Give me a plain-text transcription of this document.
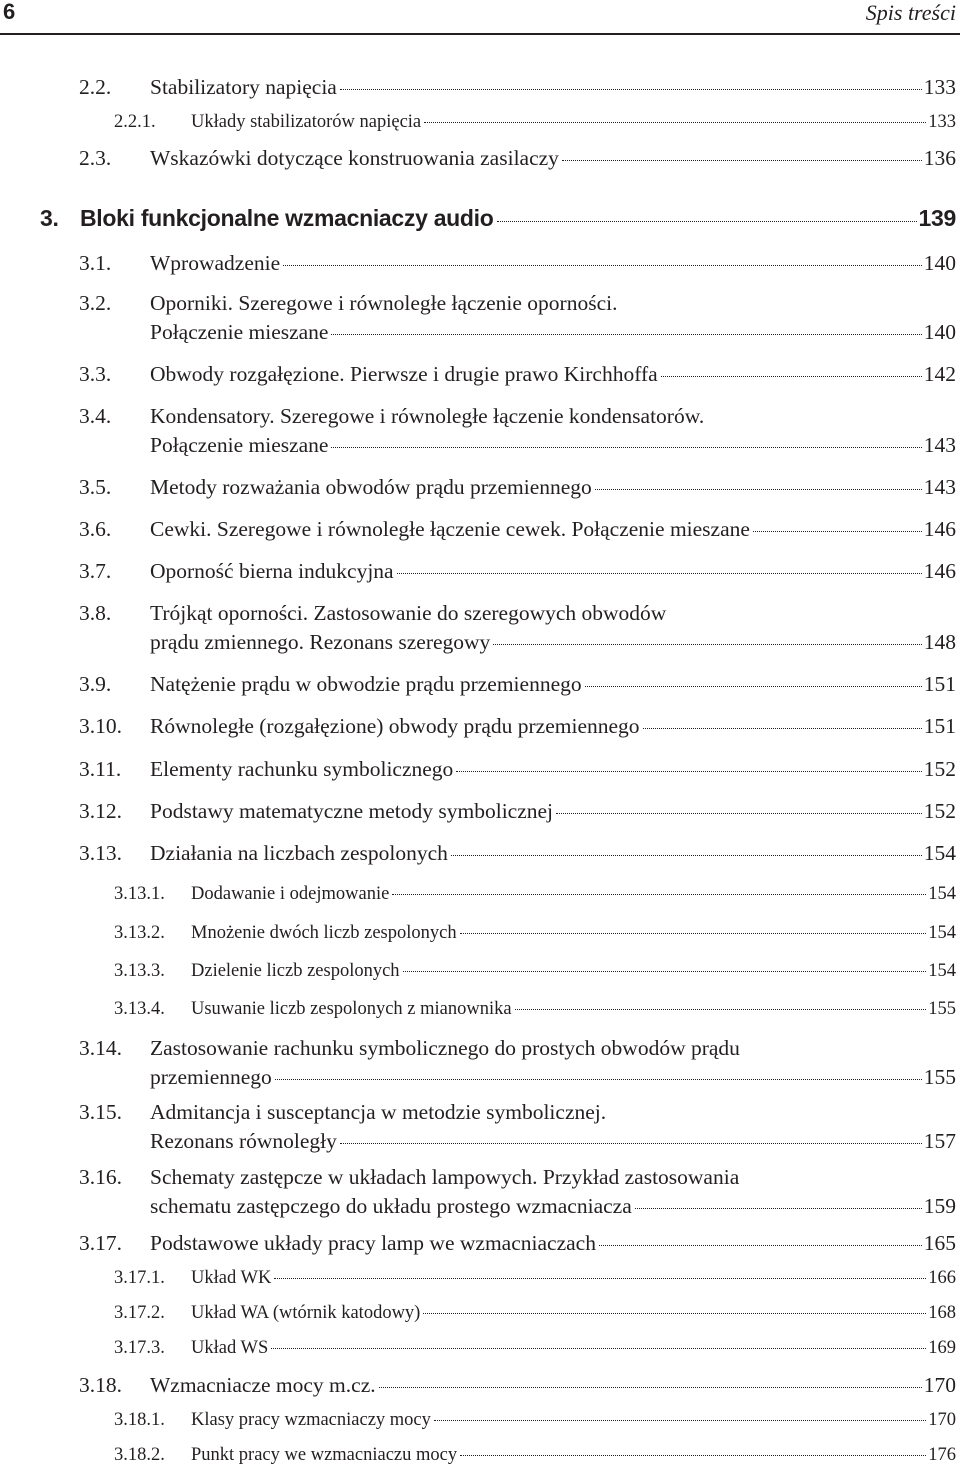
6	Spis treści
2.2. Stabilizatory napięcia	133
2.2.1. Układy stabilizatorów napięcia	133
2.3. Wskazówki dotyczące konstruowania zasilaczy	136
3. Bloki funkcjonalne wzmacniaczy audio	139
3.1. Wprowadzenie	140
3.2. Oporniki. Szeregowe i równoległe łączenie oporności.
Połączenie mieszane	140
3.3. Obwody rozgałęzione. Pierwsze i drugie prawo Kirchhoffa	142
3.4. Kondensatory. Szeregowe i równoległe łączenie kondensatorów.
Połączenie mieszane	143
3.5. Metody rozważania obwodów prądu przemiennego	143
3.6. Cewki. Szeregowe i równoległe łączenie cewek. Połączenie mieszane	146
3.7. Oporność bierna indukcyjna	146
3.8. Trójkąt oporności. Zastosowanie do szeregowych obwodów
prądu zmiennego. Rezonans szeregowy	148
3.9. Natężenie prądu w obwodzie prądu przemiennego	151
3.10. Równoległe (rozgałęzione) obwody prądu przemiennego	151
3.11. Elementy rachunku symbolicznego	152
3.12. Podstawy matematyczne metody symbolicznej	152
3.13. Działania na liczbach zespolonych	154
3.13.1. Dodawanie i odejmowanie	154
3.13.2. Mnożenie dwóch liczb zespolonych	154
3.13.3. Dzielenie liczb zespolonych	154
3.13.4. Usuwanie liczb zespolonych z mianownika	155
3.14. Zastosowanie rachunku symbolicznego do prostych obwodów prądu
przemiennego	155
3.15. Admitancja i susceptancja w metodzie symbolicznej.
Rezonans równoległy	157
3.16. Schematy zastępcze w układach lampowych. Przykład zastosowania
schematu zastępczego do układu prostego wzmacniacza	159
3.17. Podstawowe układy pracy lamp we wzmacniaczach	165
3.17.1. Układ WK	166
3.17.2. Układ WA (wtórnik katodowy)	168
3.17.3. Układ WS	169
3.18. Wzmacniacze mocy m.cz.	170
3.18.1. Klasy pracy wzmacniaczy mocy	170
3.18.2. Punkt pracy we wzmacniaczu mocy	176
